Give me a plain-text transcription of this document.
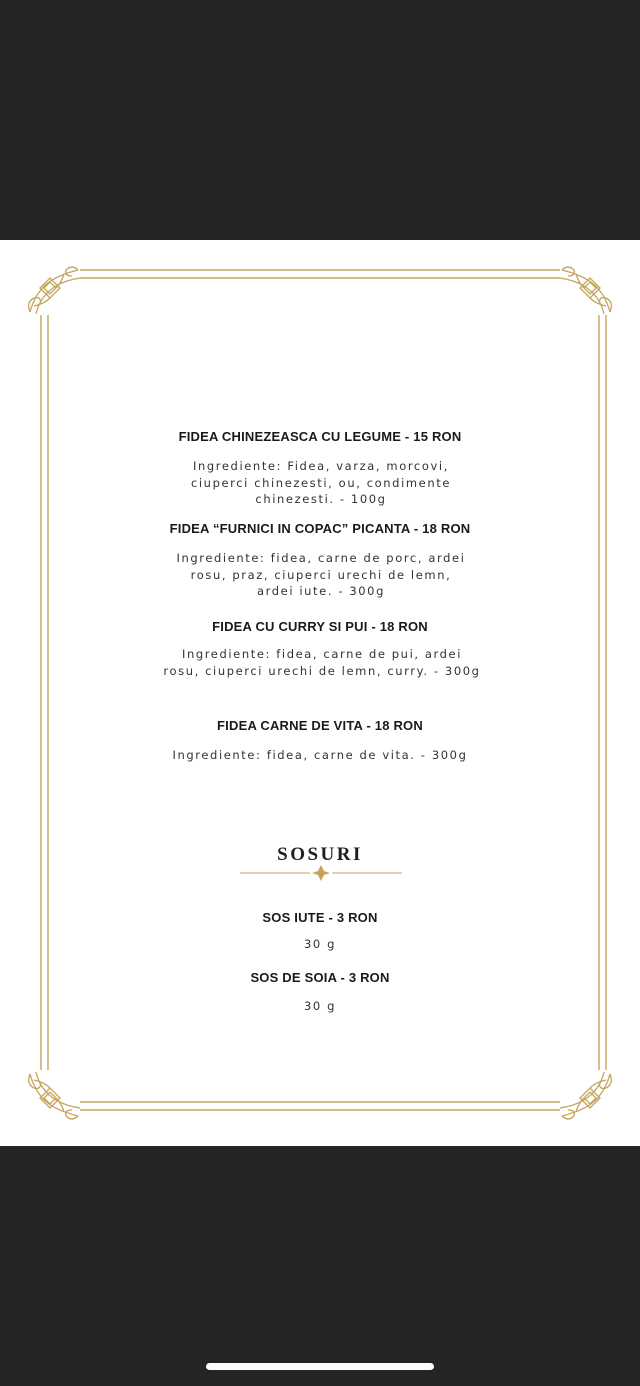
FIDEA CHINEZEASCA CU LEGUME - 15 RON
Ingrediente: Fidea, varza, morcovi, ciuperci chinezesti, ou, condimente chinezesti. - 100g
FIDEA “FURNICI IN COPAC” PICANTA - 18 RON
Ingrediente: fidea, carne de porc, ardei rosu, praz, ciuperci urechi de lemn, ardei iute. - 300g
FIDEA CU CURRY SI PUI - 18 RON
Ingrediente: fidea, carne de pui, ardei rosu, ciuperci urechi de lemn, curry. - 300g
FIDEA CARNE DE VITA - 18 RON
Ingrediente: fidea, carne de vita. - 300g
SOSURI
SOS IUTE - 3 RON
30 g
SOS DE SOIA - 3 RON
30 g
